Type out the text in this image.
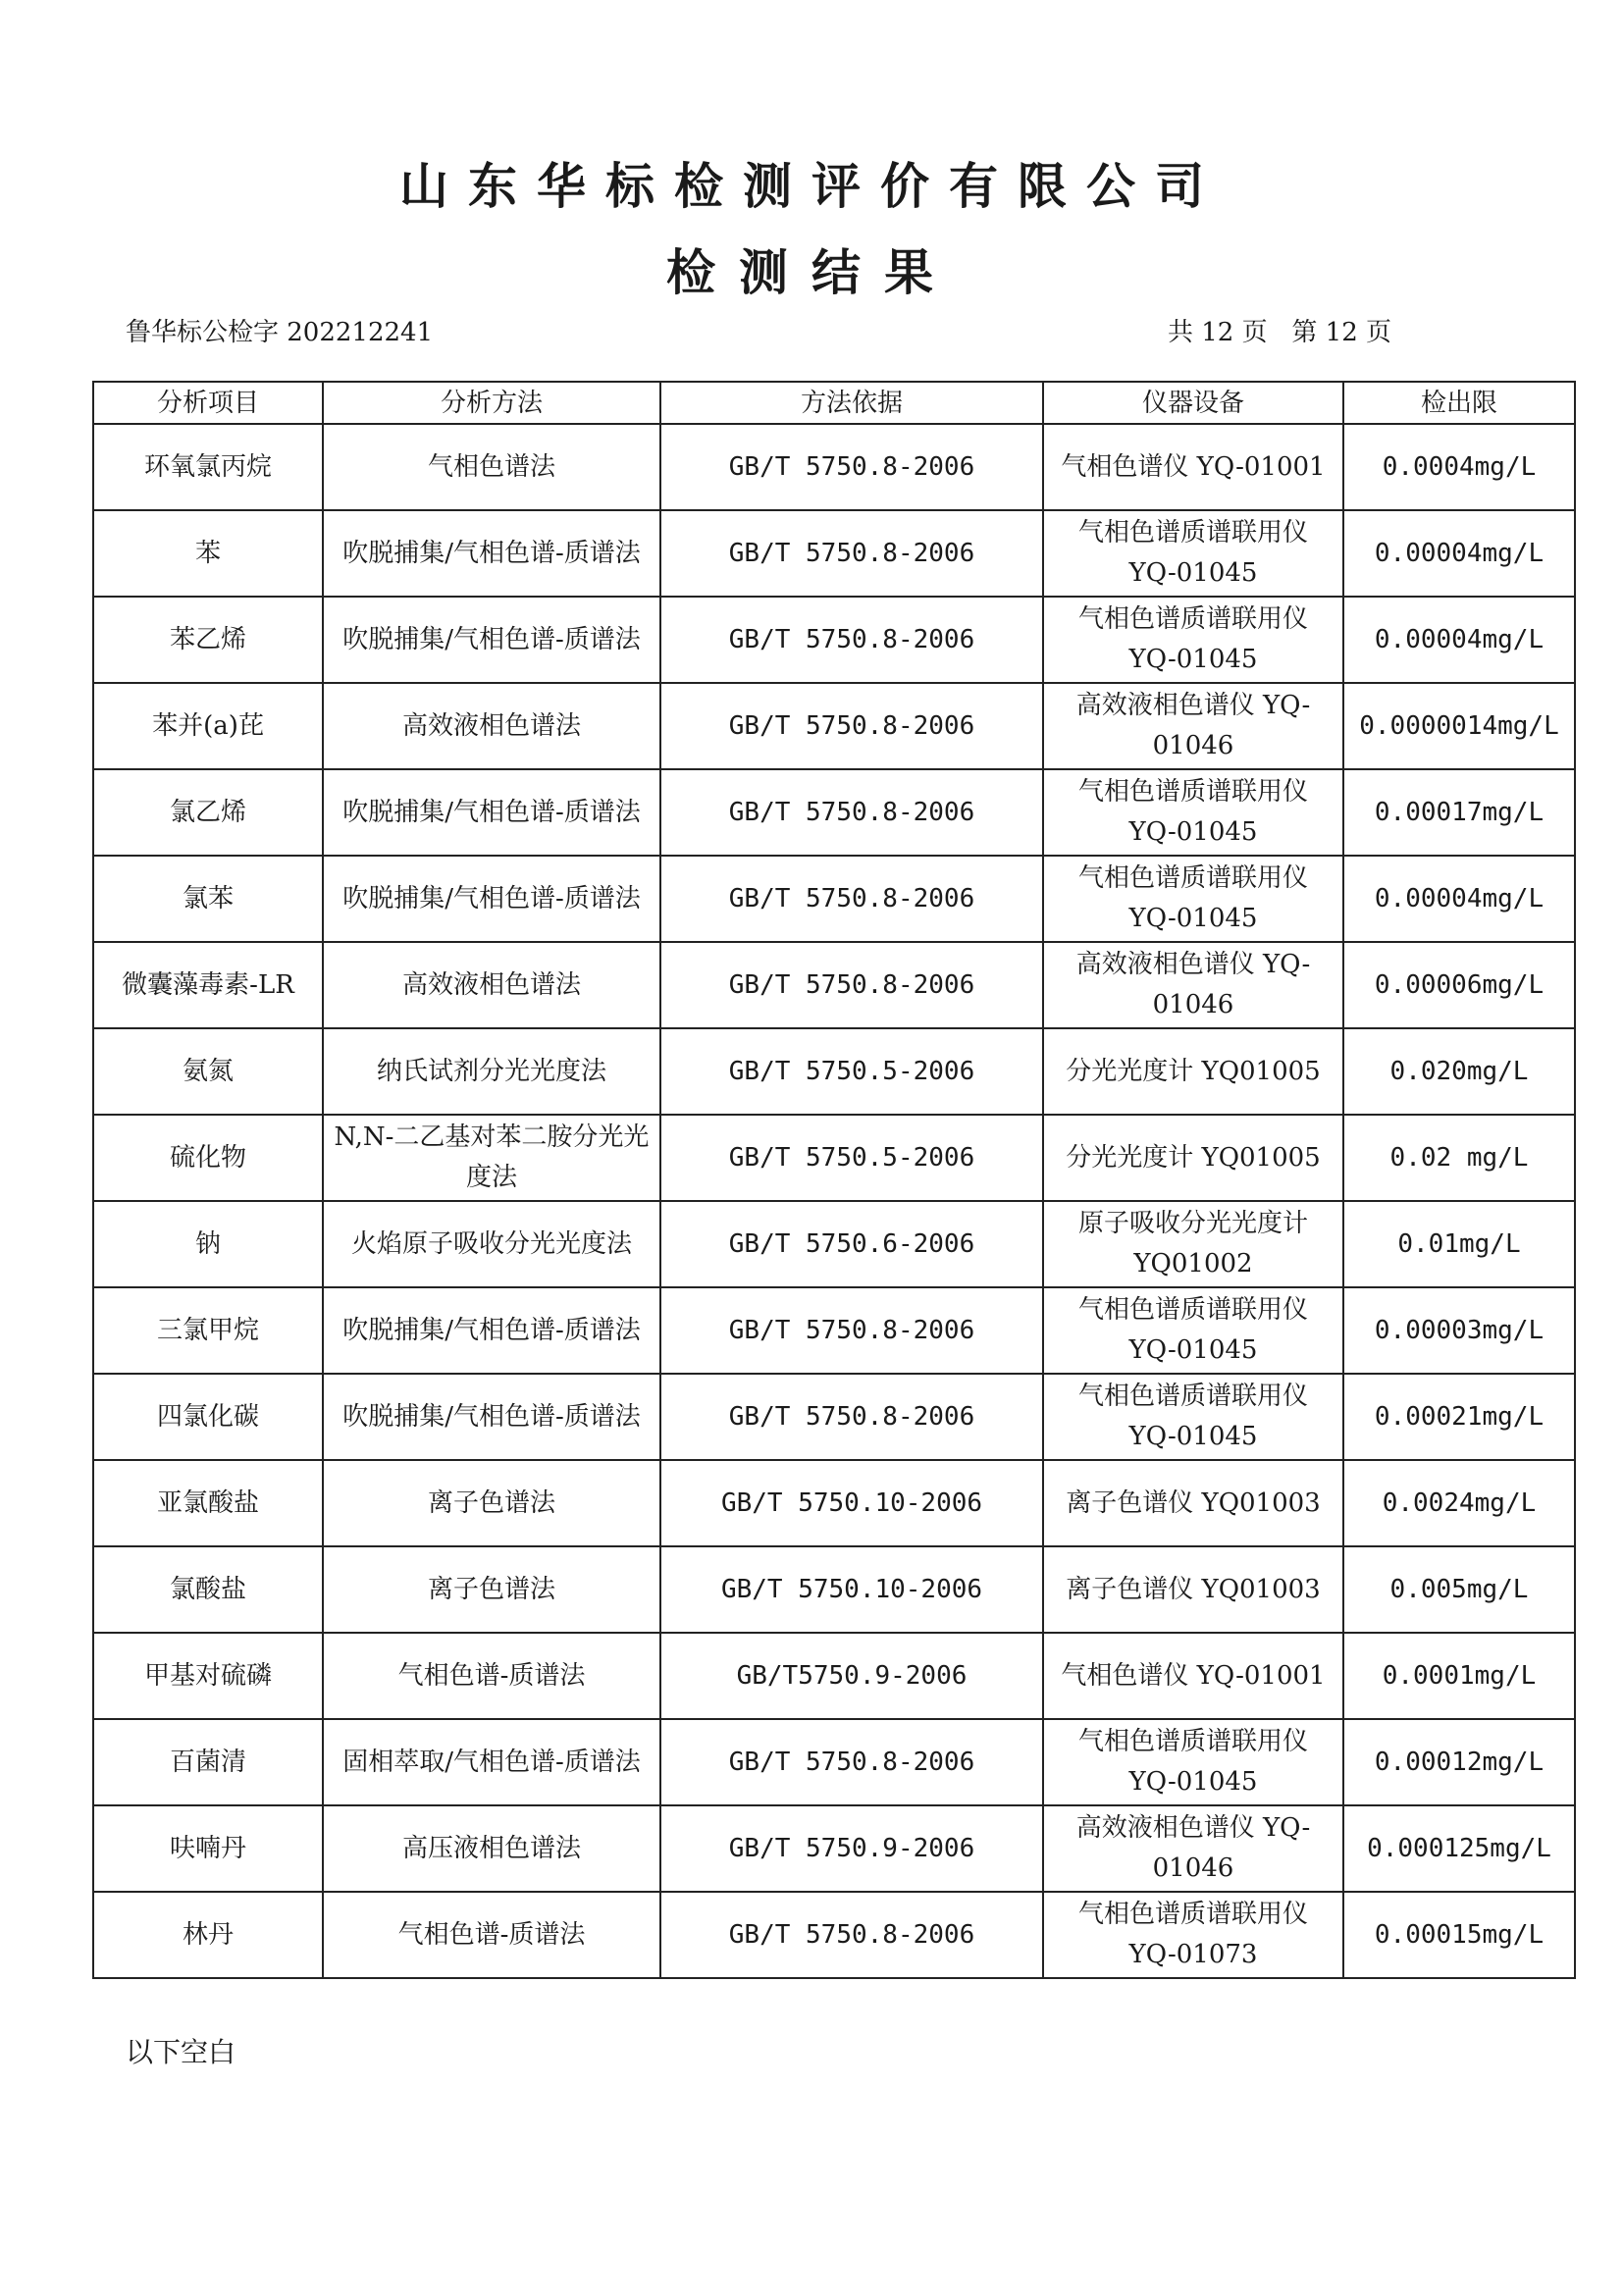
山东华标检测评价有限公司
检测结果
鲁华标公检字 202212241	共 12 页   第 12 页
分析项目	分析方法	方法依据	仪器设备	检出限
环氧氯丙烷	气相色谱法	GB/T 5750.8-2006	气相色谱仪 YQ-01001	0.0004mg/L
苯	吹脱捕集/气相色谱-质谱法	GB/T 5750.8-2006	气相色谱质谱联用仪 YQ-01045	0.00004mg/L
苯乙烯	吹脱捕集/气相色谱-质谱法	GB/T 5750.8-2006	气相色谱质谱联用仪 YQ-01045	0.00004mg/L
苯并(a)芘	高效液相色谱法	GB/T 5750.8-2006	高效液相色谱仪 YQ-01046	0.0000014mg/L
氯乙烯	吹脱捕集/气相色谱-质谱法	GB/T 5750.8-2006	气相色谱质谱联用仪 YQ-01045	0.00017mg/L
氯苯	吹脱捕集/气相色谱-质谱法	GB/T 5750.8-2006	气相色谱质谱联用仪 YQ-01045	0.00004mg/L
微囊藻毒素-LR	高效液相色谱法	GB/T 5750.8-2006	高效液相色谱仪 YQ-01046	0.00006mg/L
氨氮	纳氏试剂分光光度法	GB/T 5750.5-2006	分光光度计 YQ01005	0.020mg/L
硫化物	N,N-二乙基对苯二胺分光光度法	GB/T 5750.5-2006	分光光度计 YQ01005	0.02 mg/L
钠	火焰原子吸收分光光度法	GB/T 5750.6-2006	原子吸收分光光度计 YQ01002	0.01mg/L
三氯甲烷	吹脱捕集/气相色谱-质谱法	GB/T 5750.8-2006	气相色谱质谱联用仪 YQ-01045	0.00003mg/L
四氯化碳	吹脱捕集/气相色谱-质谱法	GB/T 5750.8-2006	气相色谱质谱联用仪 YQ-01045	0.00021mg/L
亚氯酸盐	离子色谱法	GB/T 5750.10-2006	离子色谱仪 YQ01003	0.0024mg/L
氯酸盐	离子色谱法	GB/T 5750.10-2006	离子色谱仪 YQ01003	0.005mg/L
甲基对硫磷	气相色谱-质谱法	GB/T5750.9-2006	气相色谱仪 YQ-01001	0.0001mg/L
百菌清	固相萃取/气相色谱-质谱法	GB/T 5750.8-2006	气相色谱质谱联用仪 YQ-01045	0.00012mg/L
呋喃丹	高压液相色谱法	GB/T 5750.9-2006	高效液相色谱仪 YQ-01046	0.000125mg/L
林丹	气相色谱-质谱法	GB/T 5750.8-2006	气相色谱质谱联用仪 YQ-01073	0.00015mg/L
以下空白
